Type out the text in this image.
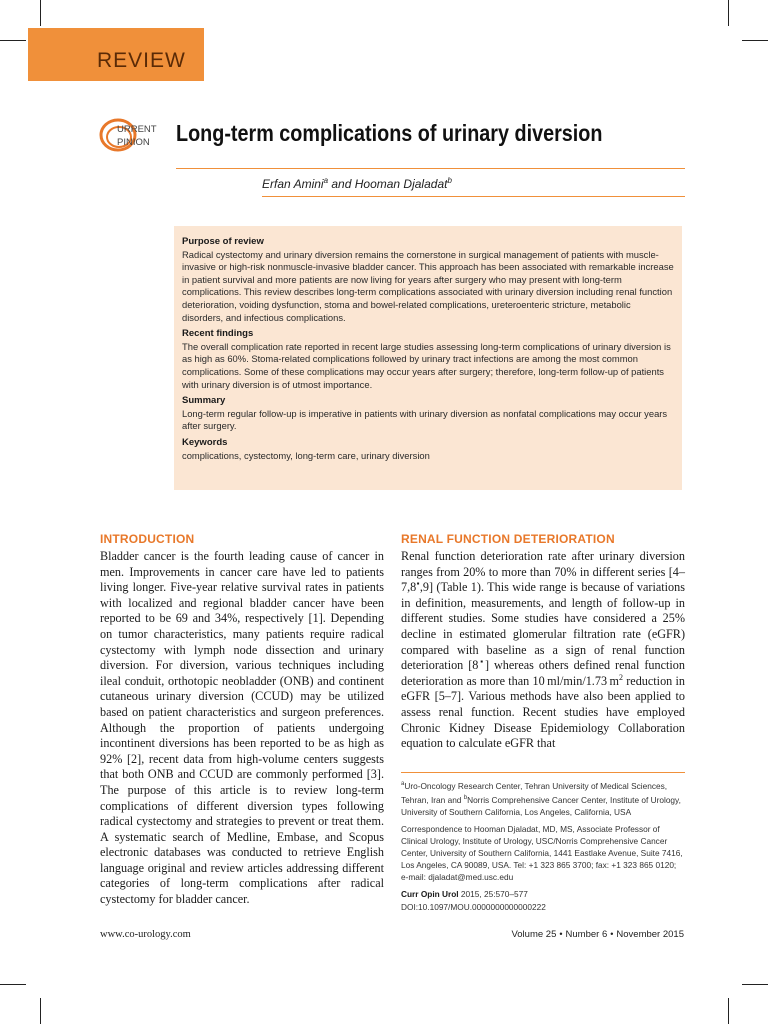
REVIEW
URRENT
PINION Long-term complications of urinary diversion
Erfan Amini$^a$ and Hooman Djaladat$^b$
Purpose of review

Radical cystectomy and urinary diversion remains the cornerstone in surgical management of patients with muscle-invasive or high-risk nonmuscle-invasive bladder cancer. This approach has been associated with remarkable increase in patient survival and more patients are now living for years after surgery who may present with long-term complications. This review describes long-term complications associated with urinary diversion including renal function deterioration, voiding dysfunction, stoma and bowel-related complications, ureteroenteric stricture, metabolic disorders, and infectious complications.

Recent findings

The overall complication rate reported in recent large studies assessing long-term complications of urinary diversion is as high as 60%. Stoma-related complications followed by urinary tract infections are among the most common complications. Some of these complications may occur years after surgery; therefore, long-term follow-up of patients with urinary diversion is of utmost importance.

Summary

Long-term regular follow-up is imperative in patients with urinary diversion as nonfatal complications may occur years after surgery.

Keywords

complications, cystectomy, long-term care, urinary diversion

INTRODUCTION
Bladder cancer is the fourth leading cause of cancer in men. Improvements in cancer care have led to patients living longer. Five-year relative survival rates in patients with localized and regional bladder cancer have been reported to be 69 and 34%, respectively [1]. Depending on tumor characteristics, many patients require radical cystectomy with lymph node dissection and urinary diversion. For diversion, various techniques including ileal conduit, orthotopic neobladder (ONB) and continent cutaneous urinary diversion (CCUD) may be utilized based on patient characteristics and surgeon preferences. Although the proportion of patients undergoing incontinent diversions has been reported to be as high as 92% [2], recent data from high-volume centers suggests that both ONB and CCUD are commonly performed [3]. The purpose of this article is to review long-term complications of different diversion types following radical cystectomy and strategies to prevent or treat them. A systematic search of Medline, Embase, and Scopus electronic databases was conducted to retrieve English language original and review articles addressing different categories of long-term complications after radical cystectomy for bladder cancer.
RENAL FUNCTION DETERIORATION
Renal function deterioration rate after urinary diversion ranges from 20% to more than 70% in different series [4–7,8▪,9] (Table 1). This wide range is because of variations in definition, measurements, and length of follow-up in different studies. Some studies have considered a 25% decline in estimated glomerular filtration rate (eGFR) compared with baseline as a sign of renal function deterioration [8▪] whereas others defined renal function deterioration as more than 10 ml/min/1.73 $m^2$ reduction in eGFR [5–7]. Various methods have also been applied to assess renal function. Recent studies have employed Chronic Kidney Disease Epidemiology Collaboration equation to calculate eGFR that

$^a$Uro-Oncology Research Center, Tehran University of Medical Sciences, Tehran, Iran and $^b$Norris Comprehensive Cancer Center, Institute of Urology, University of Southern California, Los Angeles, California, USA

Correspondence to Hooman Djaladat, MD, MS, Associate Professor of Clinical Urology, Institute of Urology, USC/Norris Comprehensive Cancer Center, University of Southern California, 1441 Eastlake Avenue, Suite 7416, Los Angeles, CA 90089, USA. Tel: +1 323 865 3700; fax: +1 323 865 0120; e-mail: djaladat@med.usc.edu

Curr Opin Urol 2015, 25:570–577

DOI:10.1097/MOU.0000000000000222

www.co-urology.com	Volume 25 • Number 6 • November 2015
